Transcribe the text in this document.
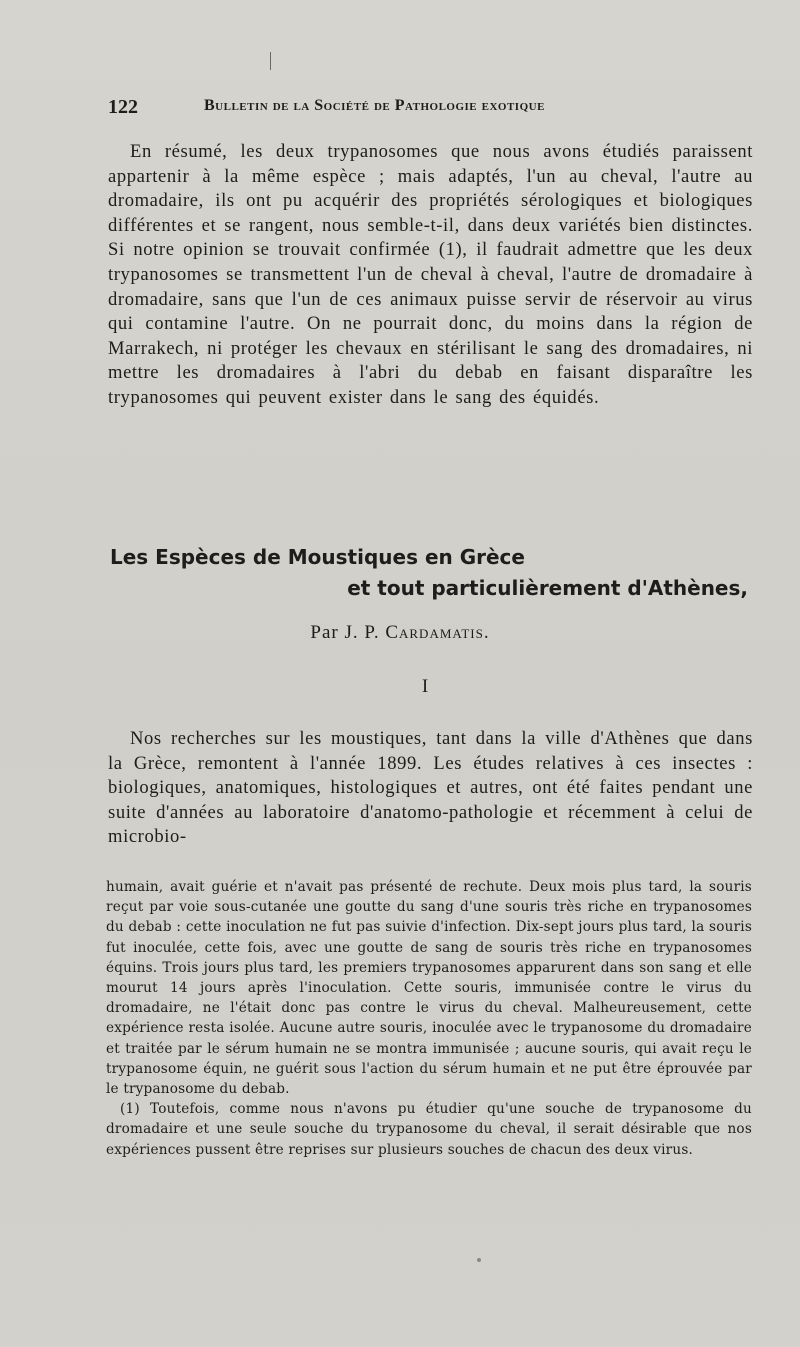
122	Bulletin de la Société de Pathologie exotique

En résumé, les deux trypanosomes que nous avons étudiés paraissent appartenir à la même espèce ; mais adaptés, l'un au cheval, l'autre au dromadaire, ils ont pu acquérir des propriétés sérologiques et biologiques différentes et se rangent, nous semble-t-il, dans deux variétés bien distinctes. Si notre opinion se trouvait confirmée (1), il faudrait admettre que les deux trypanosomes se transmettent l'un de cheval à cheval, l'autre de dromadaire à dromadaire, sans que l'un de ces animaux puisse servir de réservoir au virus qui contamine l'autre. On ne pourrait donc, du moins dans la région de Marrakech, ni protéger les chevaux en stérilisant le sang des dromadaires, ni mettre les dromadaires à l'abri du debab en faisant disparaître les trypanosomes qui peuvent exister dans le sang des équidés.

Les Espèces de Moustiques en Grèce
et tout particulièrement d'Athènes,
Par J. P. Cardamatis.
I

Nos recherches sur les moustiques, tant dans la ville d'Athènes que dans la Grèce, remontent à l'année 1899. Les études relatives à ces insectes : biologiques, anatomiques, histologiques et autres, ont été faites pendant une suite d'années au laboratoire d'anatomo-pathologie et récemment à celui de microbio-

humain, avait guérie et n'avait pas présenté de rechute. Deux mois plus tard, la souris reçut par voie sous-cutanée une goutte du sang d'une souris très riche en trypanosomes du debab : cette inoculation ne fut pas suivie d'infection. Dix-sept jours plus tard, la souris fut inoculée, cette fois, avec une goutte de sang de souris très riche en trypanosomes équins. Trois jours plus tard, les premiers trypanosomes apparurent dans son sang et elle mourut 14 jours après l'inoculation. Cette souris, immunisée contre le virus du dromadaire, ne l'était donc pas contre le virus du cheval. Malheureusement, cette expérience resta isolée. Aucune autre souris, inoculée avec le trypanosome du dromadaire et traitée par le sérum humain ne se montra immunisée ; aucune souris, qui avait reçu le trypanosome équin, ne guérit sous l'action du sérum humain et ne put être éprouvée par le trypanosome du debab.

(1) Toutefois, comme nous n'avons pu étudier qu'une souche de trypanosome du dromadaire et une seule souche du trypanosome du cheval, il serait désirable que nos expériences pussent être reprises sur plusieurs souches de chacun des deux virus.
